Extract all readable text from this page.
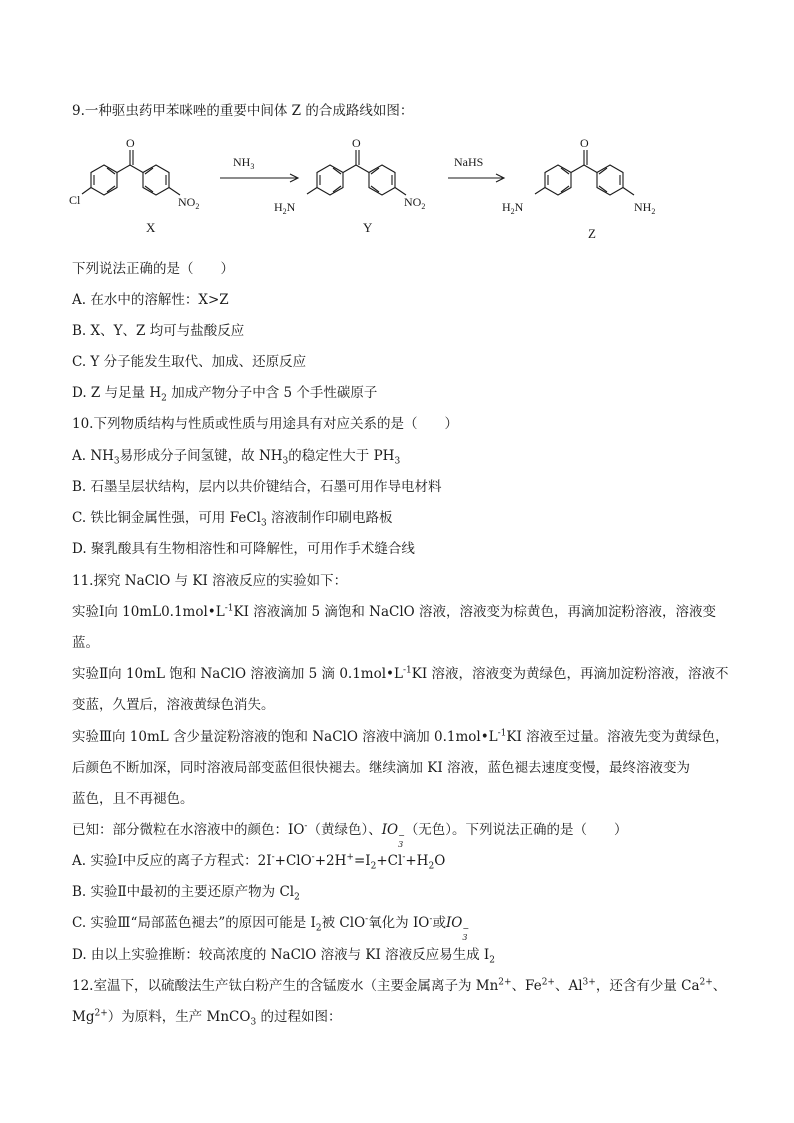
9.一种驱虫药甲苯咪唑的重要中间体 Z 的合成路线如图：
O
Cl	$NO_2$
X
$NH_3$
O
$H_2N$	$NO_2$
Y
NaHS
O
$H_2N$	$NH_2$
Z
下列说法正确的是（　　）
A. 在水中的溶解性：X>Z
B. X、Y、Z 均可与盐酸反应
C. Y 分子能发生取代、加成、还原反应
D. Z 与足量 $H_2$ 加成产物分子中含 5 个手性碳原子
10.下列物质结构与性质或性质与用途具有对应关系的是（　　）
A. $NH_3$易形成分子间氢键，故 $NH_3$的稳定性大于 $PH_3$
B. 石墨呈层状结构，层内以共价键结合，石墨可用作导电材料
C. 铁比铜金属性强，可用 FeCl$_3$ 溶液制作印刷电路板
D. 聚乳酸具有生物相溶性和可降解性，可用作手术缝合线
11.探究 NaClO 与 KI 溶液反应的实验如下：
实验Ⅰ向 $10mL0.1mol•L^{-1}KI$ 溶液滴加 5 滴饱和 NaClO 溶液，溶液变为棕黄色，再滴加淀粉溶液，溶液变
蓝。
实验Ⅱ向 10mL 饱和 NaClO 溶液滴加 5 滴 $0.1mol•L^{-1}KI$ 溶液，溶液变为黄绿色，再滴加淀粉溶液，溶液不
变蓝，久置后，溶液黄绿色消失。
实验Ⅲ向 10mL 含少量淀粉溶液的饱和 NaClO 溶液中滴加 $0.1mol•L^{-1}KI$ 溶液至过量。溶液先变为黄绿色，
后颜色不断加深，同时溶液局部变蓝但很快褪去。继续滴加 KI 溶液，蓝色褪去速度变慢，最终溶液变为
蓝色，且不再褪色。
已知：部分微粒在水溶液中的颜色：IO-（黄绿色）、IO −
3
（无色）。下列说法正确的是（　　）
A. 实验Ⅰ中反应的离子方程式：$2I^-+ClO^-+2H^+=I_2+Cl^-+H_2O$
B. 实验Ⅱ中最初的主要还原产物为 $Cl_2$
C. 实验Ⅲ“局部蓝色褪去”的原因可能是 $I_2$被 ClO-氧化为 IO-或IO −
3
D. 由以上实验推断：较高浓度的 NaClO 溶液与 KI 溶液反应易生成 $I_2$
12.室温下，以硫酸法生产钛白粉产生的含锰废水（主要金属离子为 $Mn^{2+}$、$Fe^{2+}$、$Al^{3+}$，还含有少量 $Ca^{2+}$、
$Mg^{2+}$）为原料，生产 MnCO$_3$ 的过程如图：
